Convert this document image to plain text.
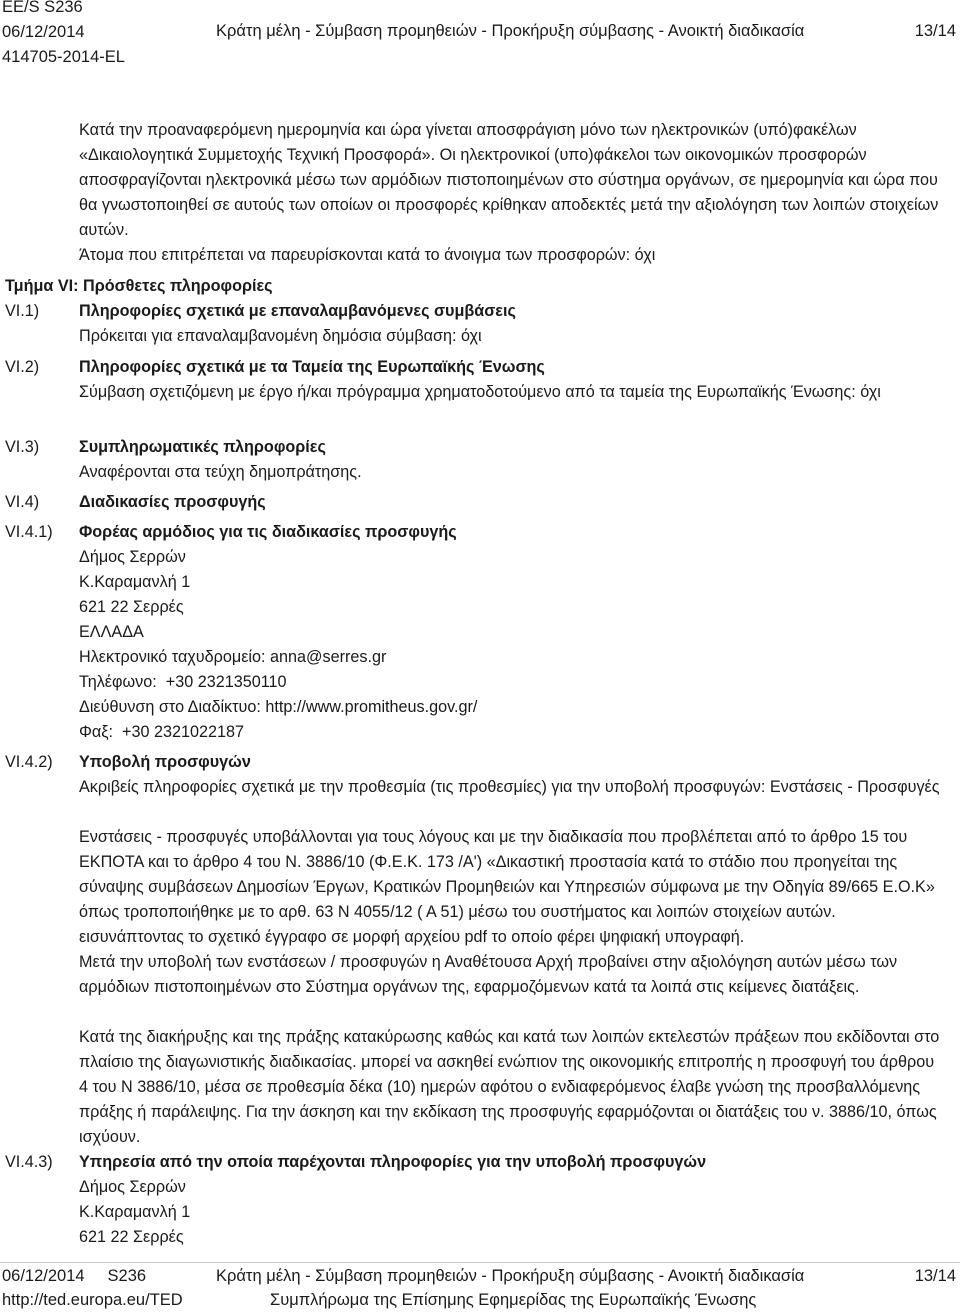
Κατά την προαναφερόμενη ημερομηνία και ώρα γίνεται αποσφράγιση μόνο των ηλεκτρονικών (υπό)φακέλων «Δικαιολογητικά Συμμετοχής Τεχνική Προσφορά». Οι ηλεκτρονικοί (υπο)φάκελοι των οικονομικών προσφορών αποσφραγίζονται ηλεκτρονικά μέσω των αρμόδιων πιστοποιημένων στο σύστημα οργάνων, σε ημερομηνία και ώρα που θα γνωστοποιηθεί σε αυτούς των οποίων οι προσφορές κρίθηκαν αποδεκτές μετά την αξιολόγηση των λοιπών στοιχείων αυτών.
Άτομα που επιτρέπεται να παρευρίσκονται κατά το άνοιγμα των προσφορών: όχι
Τμήμα VI: Πρόσθετες πληροφορίες
VI.1) Πληροφορίες σχετικά με επαναλαμβανόμενες συμβάσεις
Πρόκειται για επαναλαμβανομένη δημόσια σύμβαση: όχι
VI.2) Πληροφορίες σχετικά με τα Ταμεία της Ευρωπαϊκής Ένωσης
Σύμβαση σχετιζόμενη με έργο ή/και πρόγραμμα χρηματοδοτούμενο από τα ταμεία της Ευρωπαϊκής Ένωσης: όχι
VI.3) Συμπληρωματικές πληροφορίες
Αναφέρονται στα τεύχη δημοπράτησης.
VI.4) Διαδικασίες προσφυγής
VI.4.1) Φορέας αρμόδιος για τις διαδικασίες προσφυγής
Δήμος Σερρών
Κ.Καραμανλή 1
621 22 Σερρές
ΕΛΛΑΔΑ
Ηλεκτρονικό ταχυδρομείο: anna@serres.gr
Τηλέφωνο: +30 2321350110
Διεύθυνση στο Διαδίκτυο: http://www.promitheus.gov.gr/
Φαξ: +30 2321022187
VI.4.2) Υποβολή προσφυγών
Ακριβείς πληροφορίες σχετικά με την προθεσμία (τις προθεσμίες) για την υποβολή προσφυγών: Ενστάσεις - Προσφυγές
Ενστάσεις - προσφυγές υποβάλλονται για τους λόγους και με την διαδικασία που προβλέπεται από το άρθρο 15 του ΕΚΠΟΤΑ και το άρθρο 4 του Ν. 3886/10 (Φ.Ε.Κ. 173 /Α') «Δικαστική προστασία κατά το στάδιο που προηγείται της σύναψης συμβάσεων Δημοσίων Έργων, Κρατικών Προμηθειών και Υπηρεσιών σύμφωνα με την Οδηγία 89/665 Ε.Ο.Κ» όπως τροποποιήθηκε με το αρθ. 63 Ν 4055/12 ( Α 51) μέσω του συστήματος και λοιπών στοιχείων αυτών.
εισυνάπτοντας το σχετικό έγγραφο σε μορφή αρχείου pdf το οποίο φέρει ψηφιακή υπογραφή.
Μετά την υποβολή των ενστάσεων / προσφυγών η Αναθέτουσα Αρχή προβαίνει στην αξιολόγηση αυτών μέσω των αρμόδιων πιστοποιημένων στο Σύστημα οργάνων της, εφαρμοζόμενων κατά τα λοιπά στις κείμενες διατάξεις.
Κατά της διακήρυξης και της πράξης κατακύρωσης καθώς και κατά των λοιπών εκτελεστών πράξεων που εκδίδονται στο πλαίσιο της διαγωνιστικής διαδικασίας. μπορεί να ασκηθεί ενώπιον της οικονομικής επιτροπής η προσφυγή του άρθρου 4 του Ν 3886/10, μέσα σε προθεσμία δέκα (10) ημερών αφότου ο ενδιαφερόμενος έλαβε γνώση της προσβαλλόμενης πράξης ή παράλειψης. Για την άσκηση και την εκδίκαση της προσφυγής εφαρμόζονται οι διατάξεις του ν. 3886/10, όπως ισχύουν.
VI.4.3) Υπηρεσία από την οποία παρέχονται πληροφορίες για την υποβολή προσφυγών
Δήμος Σερρών
Κ.Καραμανλή 1
621 22 Σερρές
EE/S S236
06/12/2014
414705-2014-EL
Κράτη μέλη - Σύμβαση προμηθειών - Προκήρυξη σύμβασης - Ανοικτή διαδικασία	13/14
06/12/2014 S236
http://ted.europa.eu/TED
Κράτη μέλη - Σύμβαση προμηθειών - Προκήρυξη σύμβασης - Ανοικτή διαδικασία
Συμπλήρωμα της Επίσημης Εφημερίδας της Ευρωπαϊκής Ένωσης
13/14
